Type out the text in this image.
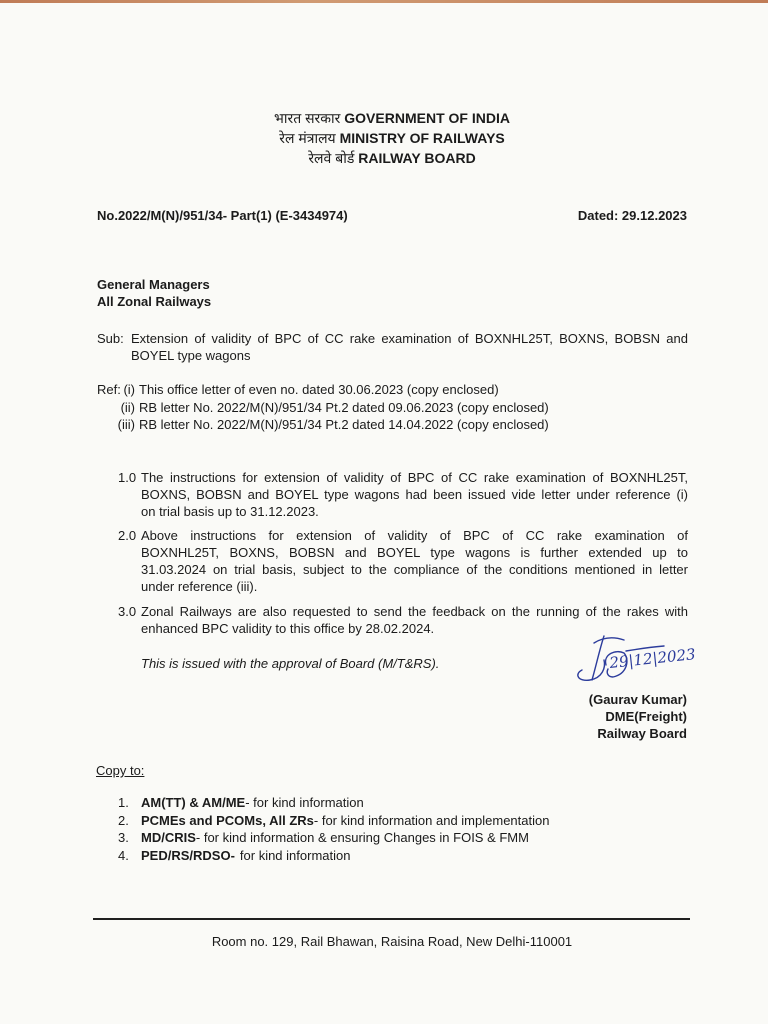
भारत सरकार GOVERNMENT OF INDIA
रेल मंत्रालय MINISTRY OF RAILWAYS
रेलवे बोर्ड RAILWAY BOARD
No.2022/M(N)/951/34- Part(1) (E-3434974)	Dated: 29.12.2023
General Managers
All Zonal Railways
Sub: Extension of validity of BPC of CC rake examination of BOXNHL25T, BOXNS, BOBSN and
BOYEL type wagons
Ref: (i) This office letter of even no. dated 30.06.2023 (copy enclosed)
(ii) RB letter No. 2022/M(N)/951/34 Pt.2 dated 09.06.2023 (copy enclosed)
(iii) RB letter No. 2022/M(N)/951/34 Pt.2 dated 14.04.2022 (copy enclosed)
1.0 The instructions for extension of validity of BPC of CC rake examination of BOXNHL25T,
BOXNS, BOBSN and BOYEL type wagons had been issued vide letter under reference (i)
on trial basis up to 31.12.2023.
2.0 Above instructions for extension of validity of BPC of CC rake examination of
BOXNHL25T, BOXNS, BOBSN and BOYEL type wagons is further extended up to
31.03.2024 on trial basis, subject to the compliance of the conditions mentioned in letter
under reference (iii).
3.0 Zonal Railways are also requested to send the feedback on the running of the rakes with
enhanced BPC validity to this office by 28.02.2024.
This is issued with the approval of Board (M/T&RS).	29|12|2023
(Gaurav Kumar)
DME(Freight)
Railway Board
Copy to:
1. AM(TT) & AM/ME- for kind information
2. PCMEs and PCOMs, All ZRs- for kind information and implementation
3. MD/CRIS- for kind information & ensuring Changes in FOIS & FMM
4. PED/RS/RDSO- for kind information
Room no. 129, Rail Bhawan, Raisina Road, New Delhi-110001
